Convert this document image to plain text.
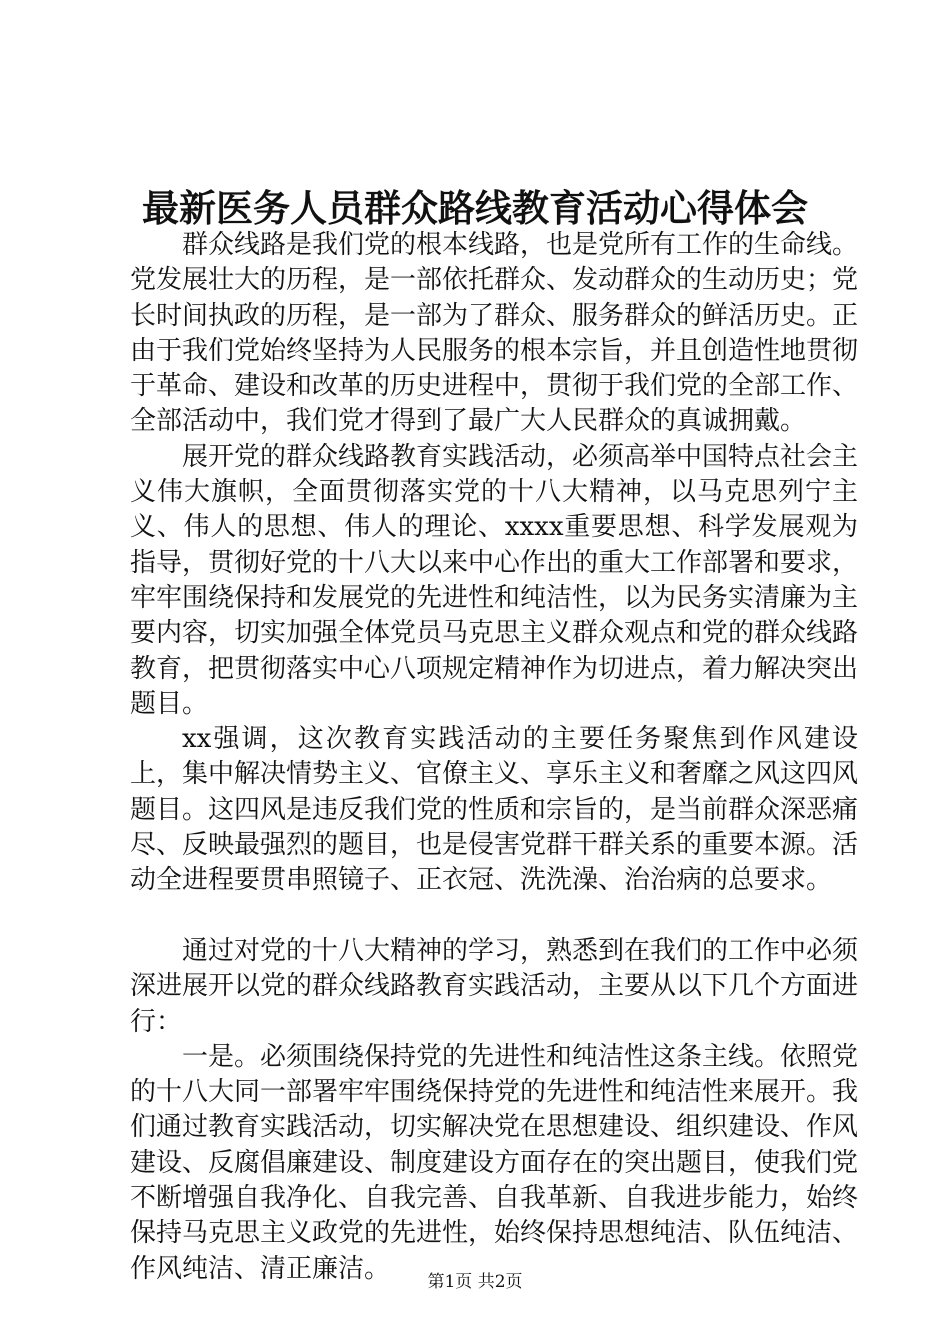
最新医务人员群众路线教育活动心得体会

群众线路是我们党的根本线路，也是党所有工作的生命线。党发展壮大的历程，是一部依托群众、发动群众的生动历史；党长时间执政的历程，是一部为了群众、服务群众的鲜活历史。正由于我们党始终坚持为人民服务的根本宗旨，并且创造性地贯彻于革命、建设和改革的历史进程中，贯彻于我们党的全部工作、全部活动中，我们党才得到了最广大人民群众的真诚拥戴。

展开党的群众线路教育实践活动，必须高举中国特点社会主义伟大旗帜，全面贯彻落实党的十八大精神，以马克思列宁主义、伟人的思想、伟人的理论、xxxx重要思想、科学发展观为指导，贯彻好党的十八大以来中心作出的重大工作部署和要求，牢牢围绕保持和发展党的先进性和纯洁性，以为民务实清廉为主要内容，切实加强全体党员马克思主义群众观点和党的群众线路教育，把贯彻落实中心八项规定精神作为切进点，着力解决突出题目。

xx强调，这次教育实践活动的主要任务聚焦到作风建设上，集中解决情势主义、官僚主义、享乐主义和奢靡之风这四风题目。这四风是违反我们党的性质和宗旨的，是当前群众深恶痛尽、反映最强烈的题目，也是侵害党群干群关系的重要本源。活动全进程要贯串照镜子、正衣冠、洗洗澡、治治病的总要求。

通过对党的十八大精神的学习，熟悉到在我们的工作中必须深进展开以党的群众线路教育实践活动，主要从以下几个方面进行：

一是。必须围绕保持党的先进性和纯洁性这条主线。依照党的十八大同一部署牢牢围绕保持党的先进性和纯洁性来展开。我们通过教育实践活动，切实解决党在思想建设、组织建设、作风建设、反腐倡廉建设、制度建设方面存在的突出题目，使我们党不断增强自我净化、自我完善、自我革新、自我进步能力，始终保持马克思主义政党的先进性，始终保持思想纯洁、队伍纯洁、作风纯洁、清正廉洁。	第1页 共2页
